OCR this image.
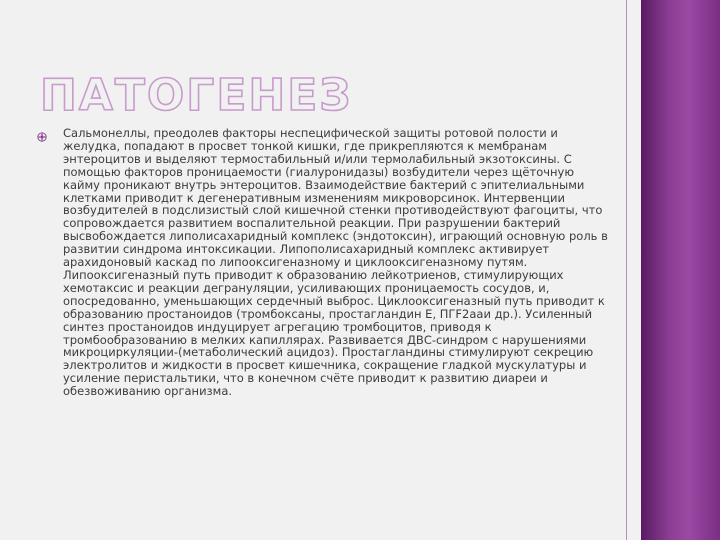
ПАТОГЕНЕЗ

Сальмонеллы, преодолев факторы неспецифической защиты ротовой полости и желудка, попадают в просвет тонкой кишки, где прикрепляются к мембранам энтероцитов и выделяют термостабильный и/или термолабильный экзотоксины. С помощью факторов проницаемости (гиалуронидазы) возбудители через щёточную кайму проникают внутрь энтероцитов. Взаимодействие бактерий с эпителиальными клетками приводит к дегенеративным изменениям микроворсинок. Интервенции возбудителей в подслизистый слой кишечной стенки противодействуют фагоциты, что сопровождается развитием воспалительной реакции. При разрушении бактерий высвобождается липолисахаридный комплекс (эндотоксин), играющий основную роль в развитии синдрома интоксикации. Липополисахаридный комплекс активирует арахидоновый каскад по липооксигеназному и циклооксигеназному путям. Липооксигеназный путь приводит к образованию лейкотриенов, стимулирующих хемотаксис и реакции дегрануляции, усиливающих проницаемость сосудов, и, опосредованно, уменьшающих сердечный выброс. Циклооксигеназный путь приводит к образованию простаноидов (тромбоксаны, простагландин Е, ПГF2aaи др.). Усиленный синтез простаноидов индуцирует агрегацию тромбоцитов, приводя к тромбообразованию в мелких капиллярах. Развивается ДВС-синдром с нарушениями микроциркуляции-(метаболический ацидоз). Простагландины стимулируют секрецию электролитов и жидкости в просвет кишечника, сокращение гладкой мускулатуры и усиление перистальтики, что в конечном счёте приводит к развитию диареи и обезвоживанию организма.
